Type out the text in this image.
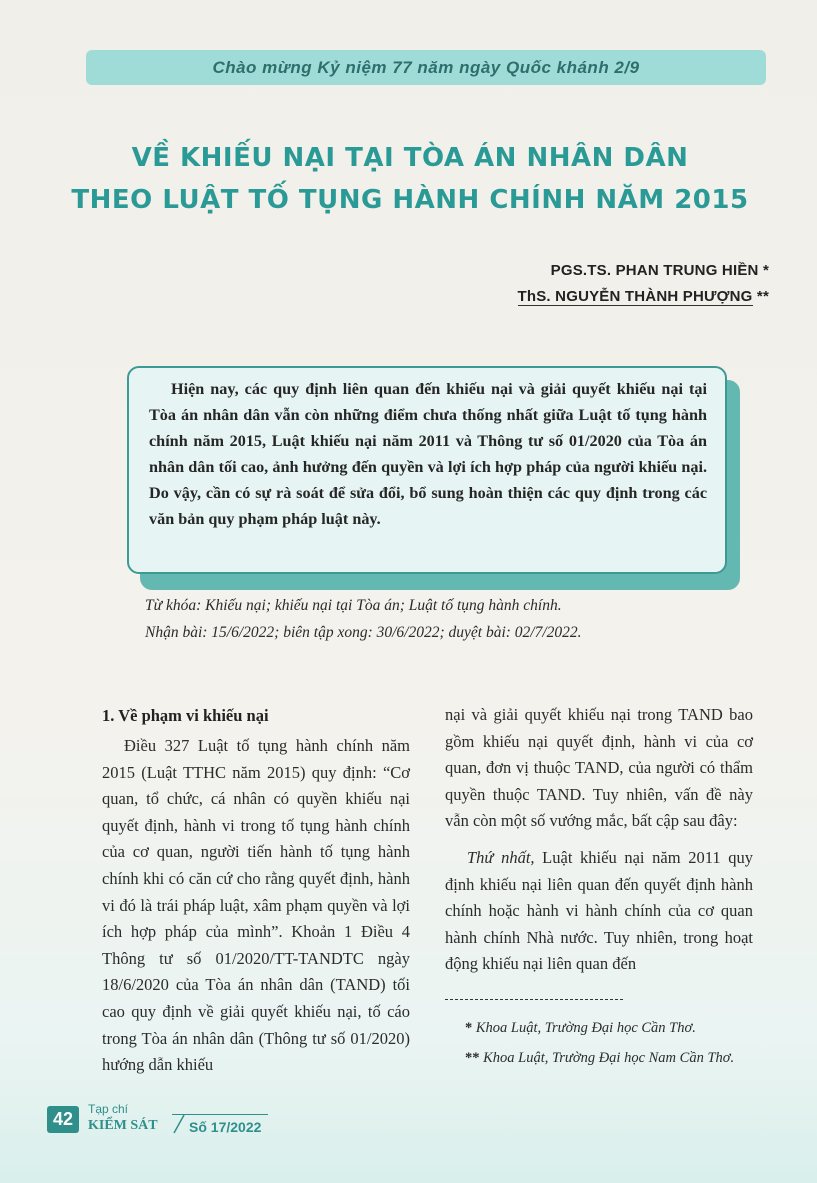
Chào mừng Kỷ niệm 77 năm ngày Quốc khánh 2/9
VỀ KHIẾU NẠI TẠI TÒA ÁN NHÂN DÂN
THEO LUẬT TỐ TỤNG HÀNH CHÍNH NĂM 2015
PGS.TS. PHAN TRUNG HIỀN *
ThS. NGUYỄN THÀNH PHƯỢNG **

Hiện nay, các quy định liên quan đến khiếu nại và giải quyết khiếu nại tại Tòa án nhân dân vẫn còn những điểm chưa thống nhất giữa Luật tố tụng hành chính năm 2015, Luật khiếu nại năm 2011 và Thông tư số 01/2020 của Tòa án nhân dân tối cao, ảnh hưởng đến quyền và lợi ích hợp pháp của người khiếu nại. Do vậy, cần có sự rà soát để sửa đổi, bổ sung hoàn thiện các quy định trong các văn bản quy phạm pháp luật này.

Từ khóa: Khiếu nại; khiếu nại tại Tòa án; Luật tố tụng hành chính.
Nhận bài: 15/6/2022; biên tập xong: 30/6/2022; duyệt bài: 02/7/2022.
1. Về phạm vi khiếu nại

Điều 327 Luật tố tụng hành chính năm 2015 (Luật TTHC năm 2015) quy định: “Cơ quan, tổ chức, cá nhân có quyền khiếu nại quyết định, hành vi trong tố tụng hành chính của cơ quan, người tiến hành tố tụng hành chính khi có căn cứ cho rằng quyết định, hành vi đó là trái pháp luật, xâm phạm quyền và lợi ích hợp pháp của mình”. Khoản 1 Điều 4 Thông tư số 01/2020/TT-TANDTC ngày 18/6/2020 của Tòa án nhân dân (TAND) tối cao quy định về giải quyết khiếu nại, tố cáo trong Tòa án nhân dân (Thông tư số 01/2020) hướng dẫn khiếu

nại và giải quyết khiếu nại trong TAND bao gồm khiếu nại quyết định, hành vi của cơ quan, đơn vị thuộc TAND, của người có thẩm quyền thuộc TAND. Tuy nhiên, vấn đề này vẫn còn một số vướng mắc, bất cập sau đây:

Thứ nhất, Luật khiếu nại năm 2011 quy định khiếu nại liên quan đến quyết định hành chính hoặc hành vi hành chính của cơ quan hành chính Nhà nước. Tuy nhiên, trong hoạt động khiếu nại liên quan đến

* Khoa Luật, Trường Đại học Cần Thơ.
** Khoa Luật, Trường Đại học Nam Cần Thơ.
42	Tạp chí
KIỂM SÁT Số 17/2022
